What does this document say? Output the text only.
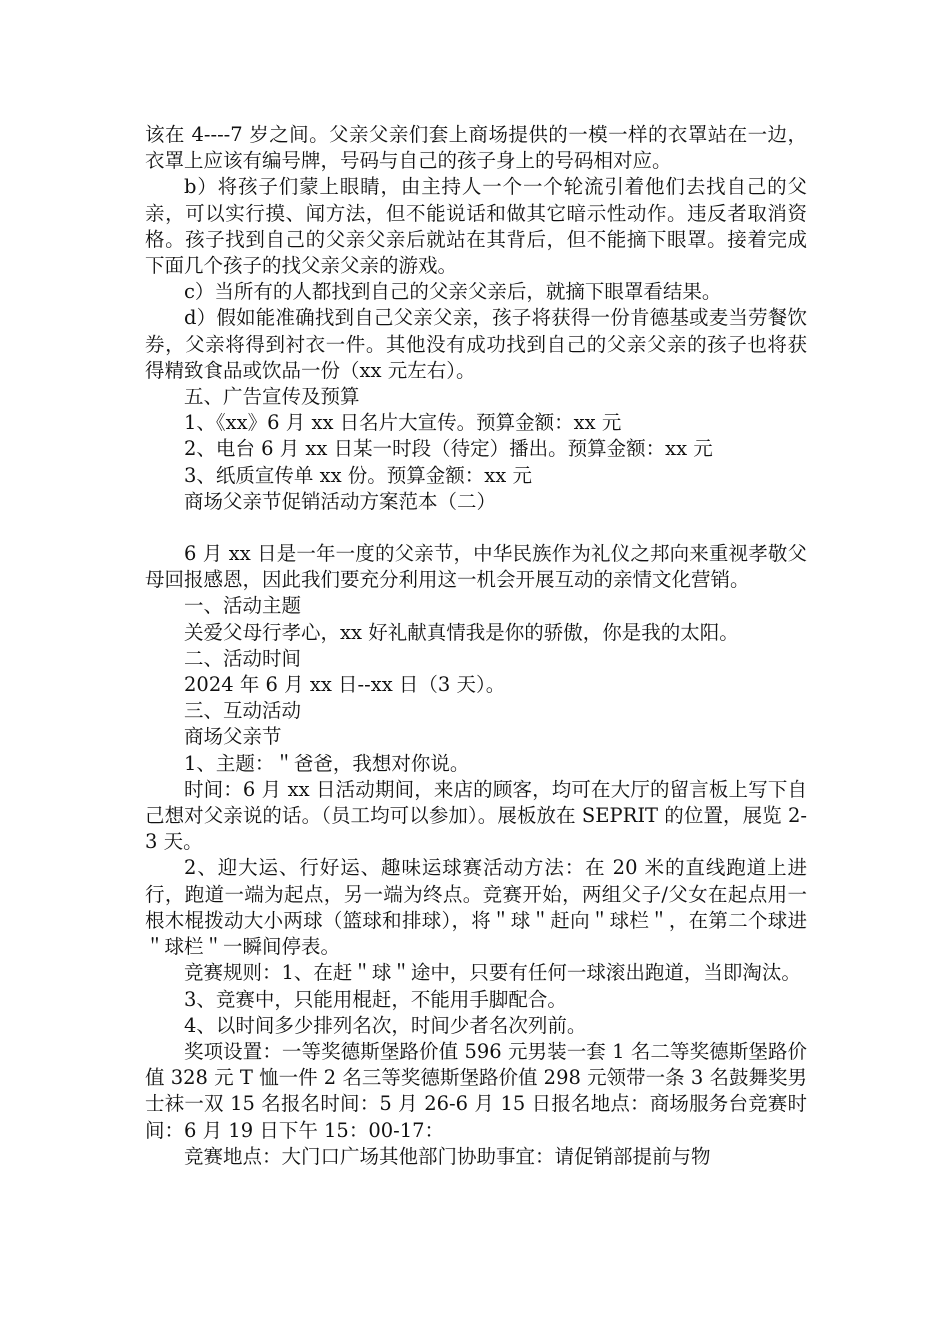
该在 4----7 岁之间。父亲父亲们套上商场提供的一模一样的衣罩站在一边，衣罩上应该有编号牌，号码与自己的孩子身上的号码相对应。

b）将孩子们蒙上眼睛，由主持人一个一个轮流引着他们去找自己的父亲，可以实行摸、闻方法，但不能说话和做其它暗示性动作。违反者取消资格。孩子找到自己的父亲父亲后就站在其背后，但不能摘下眼罩。接着完成下面几个孩子的找父亲父亲的游戏。

c）当所有的人都找到自己的父亲父亲后，就摘下眼罩看结果。

d）假如能准确找到自己父亲父亲，孩子将获得一份肯德基或麦当劳餐饮券，父亲将得到衬衣一件。其他没有成功找到自己的父亲父亲的孩子也将获得精致食品或饮品一份（xx 元左右）。

五、广告宣传及预算

1、《xx》6 月 xx 日名片大宣传。预算金额：xx 元

2、电台 6 月 xx 日某一时段（待定）播出。预算金额：xx 元

3、纸质宣传单 xx 份。预算金额：xx 元

商场父亲节促销活动方案范本（二）

6 月 xx 日是一年一度的父亲节，中华民族作为礼仪之邦向来重视孝敬父母回报感恩，因此我们要充分利用这一机会开展互动的亲情文化营销。

一、活动主题

关爱父母行孝心，xx 好礼献真情我是你的骄傲，你是我的太阳。

二、活动时间

2024 年 6 月 xx 日--xx 日（3 天）。

三、互动活动

商场父亲节

1、主题：＂爸爸，我想对你说。

时间：6 月 xx 日活动期间，来店的顾客，均可在大厅的留言板上写下自己想对父亲说的话。（员工均可以参加）。展板放在 SEPRIT 的位置，展览 2-3 天。

2、迎大运、行好运、趣味运球赛活动方法：在 20 米的直线跑道上进行，跑道一端为起点，另一端为终点。竞赛开始，两组父子/父女在起点用一根木棍拨动大小两球（篮球和排球），将＂球＂赶向＂球栏＂，在第二个球进＂球栏＂一瞬间停表。

竞赛规则：1、在赶＂球＂途中，只要有任何一球滚出跑道，当即淘汰。

3、竞赛中，只能用棍赶，不能用手脚配合。

4、以时间多少排列名次，时间少者名次列前。

奖项设置：一等奖德斯堡路价值 596 元男装一套 1 名二等奖德斯堡路价值 328 元 T 恤一件 2 名三等奖德斯堡路价值 298 元领带一条 3 名鼓舞奖男士袜一双 15 名报名时间：5 月 26-6 月 15 日报名地点：商场服务台竞赛时间：6 月 19 日下午 15：00-17：

竞赛地点：大门口广场其他部门协助事宜：请促销部提前与物
